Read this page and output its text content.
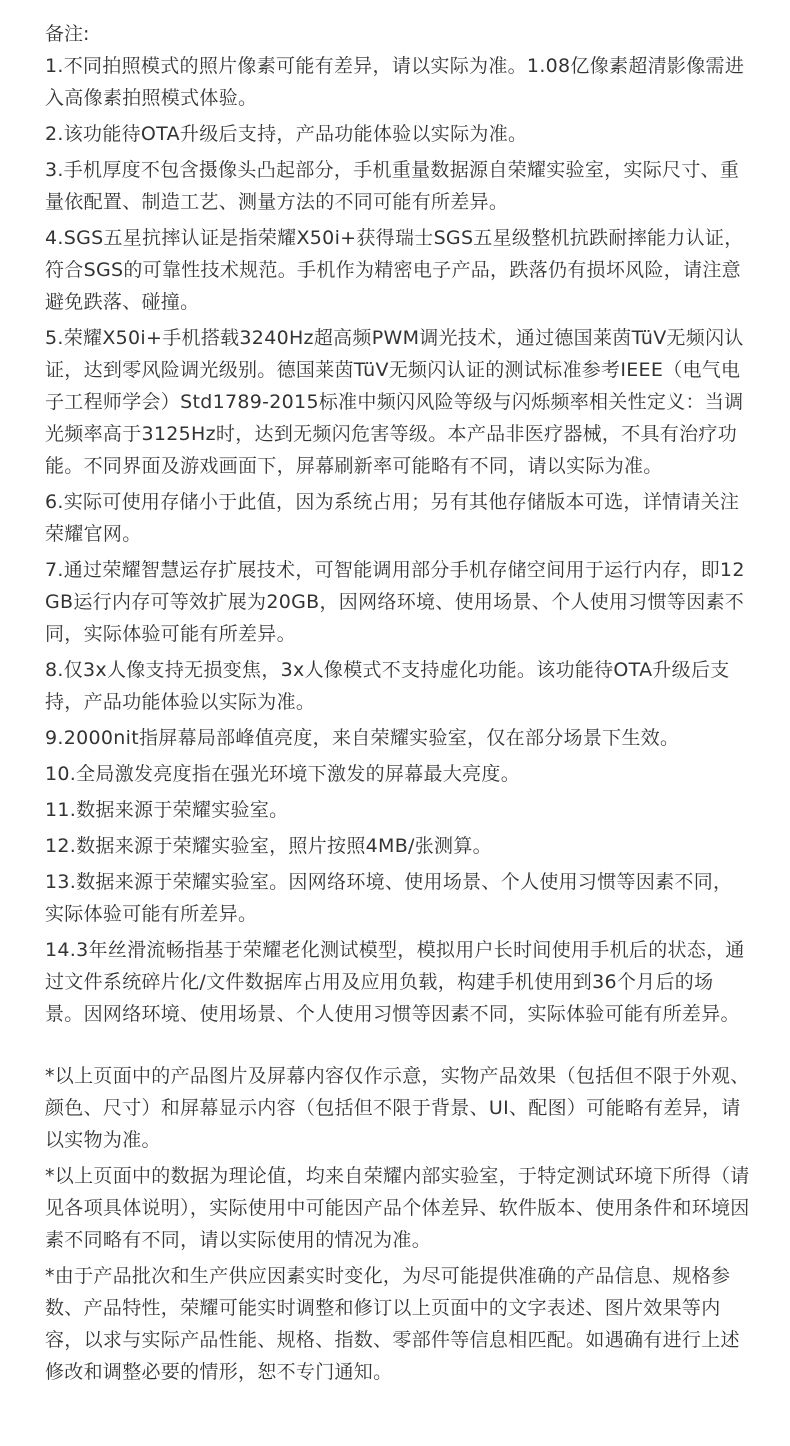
备注:

1.不同拍照模式的照片像素可能有差异，请以实际为准。1.08亿像素超清影像需进入高像素拍照模式体验。

2.该功能待OTA升级后支持，产品功能体验以实际为准。

3.手机厚度不包含摄像头凸起部分，手机重量数据源自荣耀实验室，实际尺寸、重量依配置、制造工艺、测量方法的不同可能有所差异。

4.SGS五星抗摔认证是指荣耀X50i+获得瑞士SGS五星级整机抗跌耐摔能力认证，符合SGS的可靠性技术规范。手机作为精密电子产品，跌落仍有损坏风险，请注意避免跌落、碰撞。

5.荣耀X50i+手机搭载3240Hz超高频PWM调光技术，通过德国莱茵TüV无频闪认证，达到零风险调光级别。德国莱茵TüV无频闪认证的测试标准参考IEEE（电气电子工程师学会）Std1789-2015标准中频闪风险等级与闪烁频率相关性定义：当调光频率高于3125Hz时，达到无频闪危害等级。本产品非医疗器械，不具有治疗功能。不同界面及游戏画面下，屏幕刷新率可能略有不同，请以实际为准。

6.实际可使用存储小于此值，因为系统占用；另有其他存储版本可选，详情请关注荣耀官网。

7.通过荣耀智慧运存扩展技术，可智能调用部分手机存储空间用于运行内存，即12GB运行内存可等效扩展为20GB，因网络环境、使用场景、个人使用习惯等因素不同，实际体验可能有所差异。

8.仅3x人像支持无损变焦，3x人像模式不支持虚化功能。该功能待OTA升级后支持，产品功能体验以实际为准。

9.2000nit指屏幕局部峰值亮度，来自荣耀实验室，仅在部分场景下生效。

10.全局激发亮度指在强光环境下激发的屏幕最大亮度。

11.数据来源于荣耀实验室。

12.数据来源于荣耀实验室，照片按照4MB/张测算。

13.数据来源于荣耀实验室。因网络环境、使用场景、个人使用习惯等因素不同，实际体验可能有所差异。

14.3年丝滑流畅指基于荣耀老化测试模型，模拟用户长时间使用手机后的状态，通过文件系统碎片化/文件数据库占用及应用负载，构建手机使用到36个月后的场景。因网络环境、使用场景、个人使用习惯等因素不同，实际体验可能有所差异。

*以上页面中的产品图片及屏幕内容仅作示意，实物产品效果（包括但不限于外观、颜色、尺寸）和屏幕显示内容（包括但不限于背景、UI、配图）可能略有差异，请以实物为准。

*以上页面中的数据为理论值，均来自荣耀内部实验室，于特定测试环境下所得（请见各项具体说明），实际使用中可能因产品个体差异、软件版本、使用条件和环境因素不同略有不同，请以实际使用的情况为准。

*由于产品批次和生产供应因素实时变化，为尽可能提供准确的产品信息、规格参数、产品特性，荣耀可能实时调整和修订以上页面中的文字表述、图片效果等内容，以求与实际产品性能、规格、指数、零部件等信息相匹配。如遇确有进行上述修改和调整必要的情形，恕不专门通知。
